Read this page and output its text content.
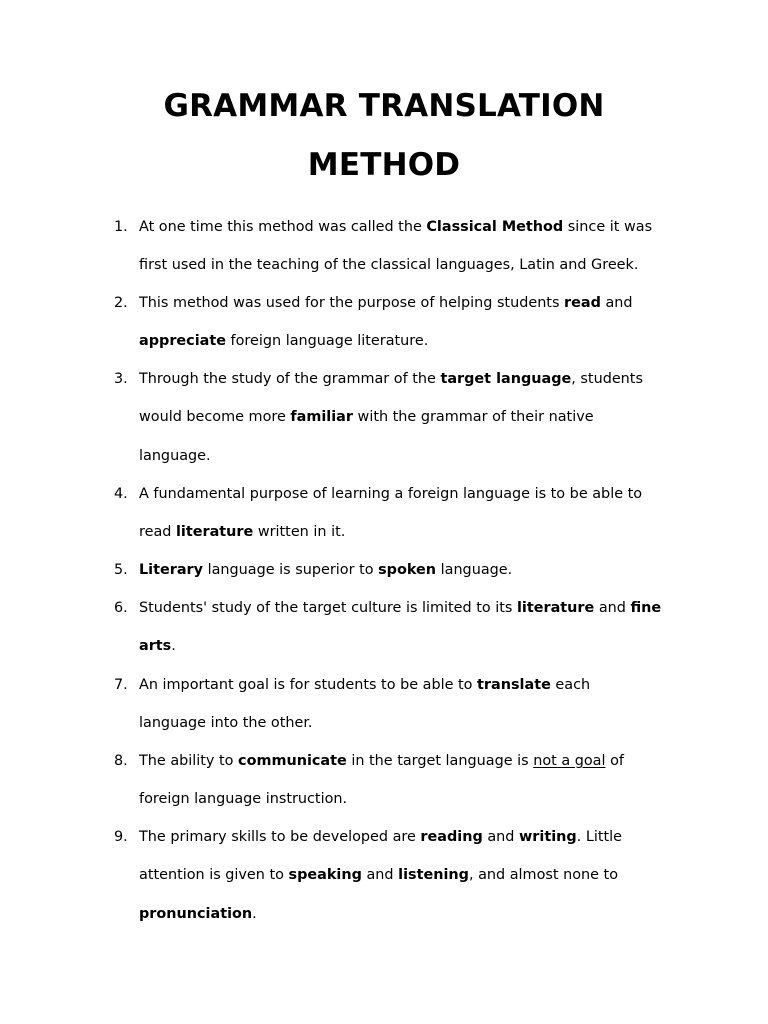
GRAMMAR TRANSLATION
METHOD
1. At one time this method was called the Classical Method since it was
first used in the teaching of the classical languages, Latin and Greek.
2. This method was used for the purpose of helping students read and
appreciate foreign language literature.
3. Through the study of the grammar of the target language, students
would become more familiar with the grammar of their native
language.
4. A fundamental purpose of learning a foreign language is to be able to
read literature written in it.
5. Literary language is superior to spoken language.
6. Students' study of the target culture is limited to its literature and fine
arts.
7. An important goal is for students to be able to translate each
language into the other.
8. The ability to communicate in the target language is not a goal of
foreign language instruction.
9. The primary skills to be developed are reading and writing. Little
attention is given to speaking and listening, and almost none to
pronunciation.
